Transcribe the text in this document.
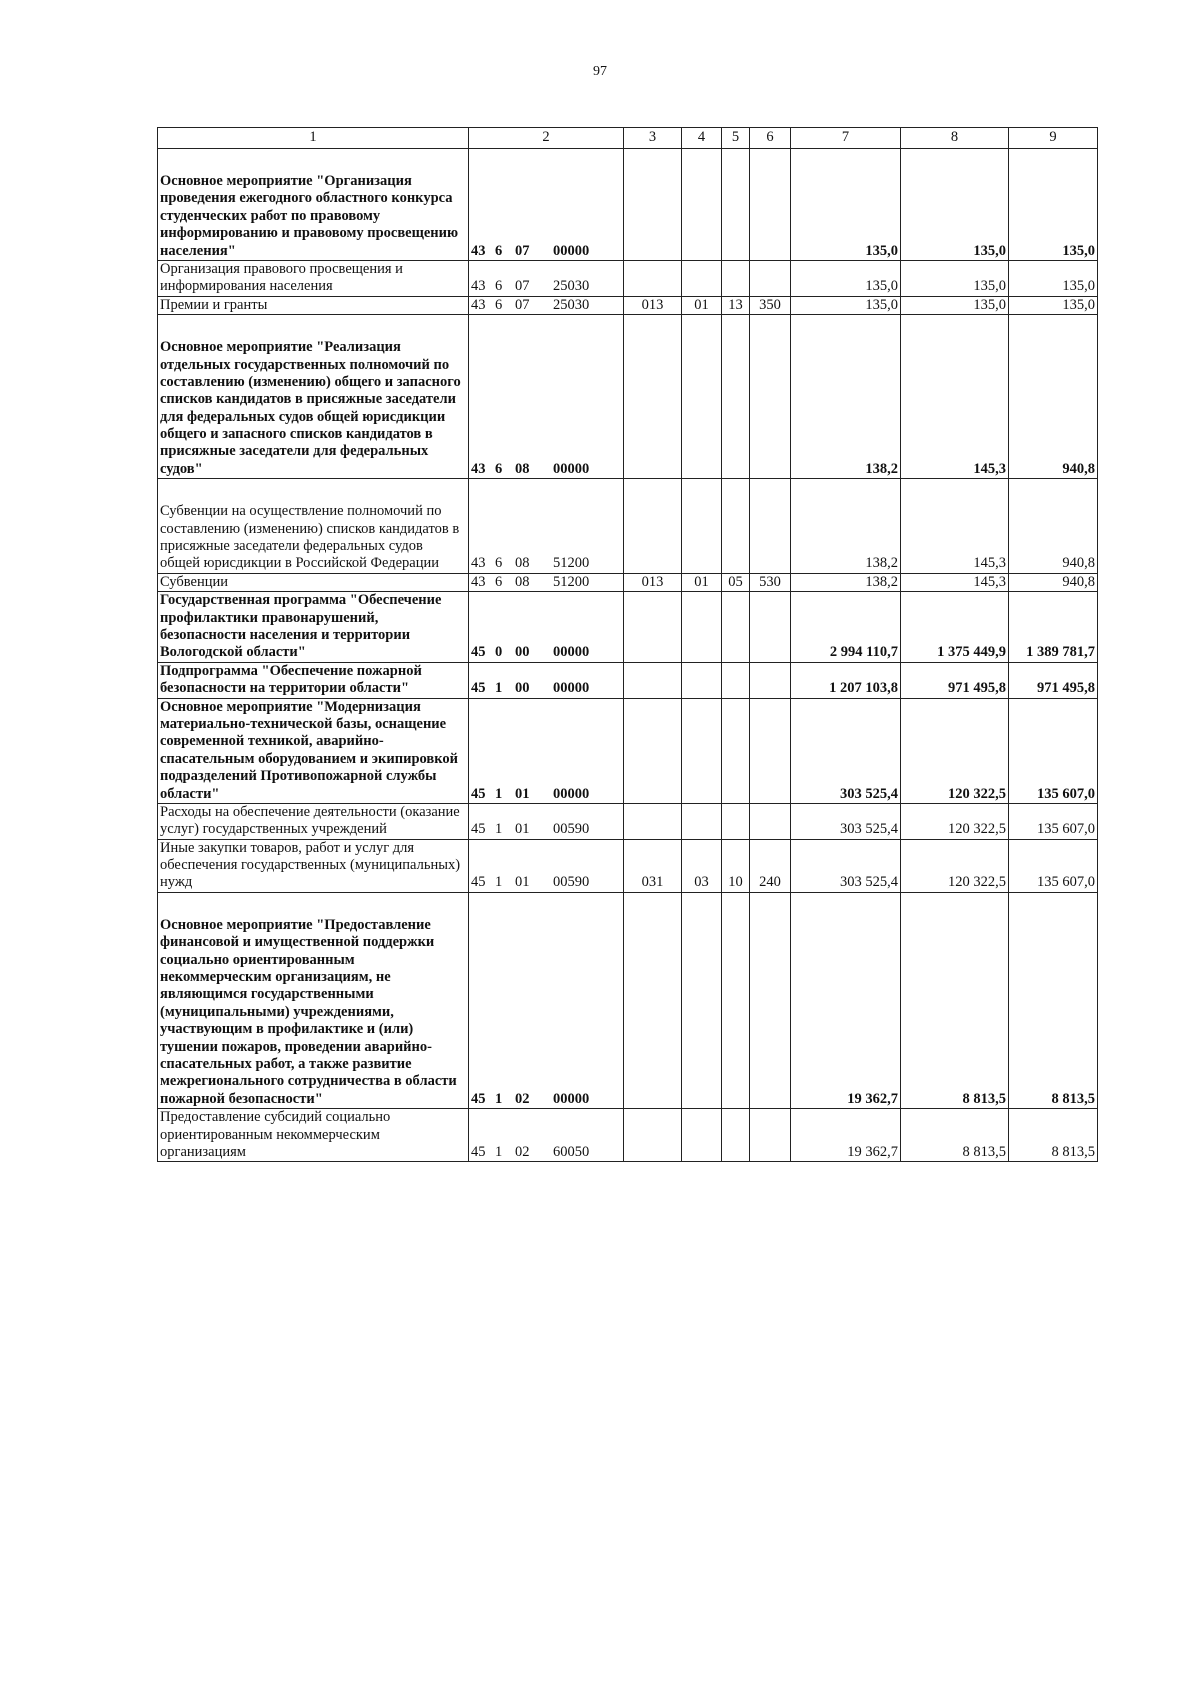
97
1	2	3	4	5	6	7	8	9
Основное мероприятие "Организация проведения ежегодного областного конкурса студенческих работ по правовому информированию и правовому просвещению населения"	43 6 07 00000					135,0	135,0	135,0
Организация правового просвещения и информирования населения	43 6 07 25030					135,0	135,0	135,0
Премии и гранты	43 6 07 25030	013	01	13	350	135,0	135,0	135,0
Основное мероприятие "Реализация отдельных государственных полномочий по составлению (изменению) общего и запасного списков кандидатов в присяжные заседатели для федеральных судов общей юрисдикции общего и запасного списков кандидатов в присяжные заседатели для федеральных судов"	43 6 08 00000					138,2	145,3	940,8
Субвенции на осуществление полномочий по составлению (изменению) списков кандидатов в присяжные заседатели федеральных судов общей юрисдикции в Российской Федерации	43 6 08 51200					138,2	145,3	940,8
Субвенции	43 6 08 51200	013	01	05	530	138,2	145,3	940,8
Государственная программа "Обеспечение профилактики правонарушений, безопасности населения и территории Вологодской области"	45 0 00 00000					2 994 110,7	1 375 449,9	1 389 781,7
Подпрограмма "Обеспечение пожарной безопасности на территории области"	45 1 00 00000					1 207 103,8	971 495,8	971 495,8
Основное мероприятие "Модернизация материально-технической базы, оснащение современной техникой, аварийно-спасательным оборудованием и экипировкой подразделений Противопожарной службы области"	45 1 01 00000					303 525,4	120 322,5	135 607,0
Расходы на обеспечение деятельности (оказание услуг) государственных учреждений	45 1 01 00590					303 525,4	120 322,5	135 607,0
Иные закупки товаров, работ и услуг для обеспечения государственных (муниципальных) нужд	45 1 01 00590	031	03	10	240	303 525,4	120 322,5	135 607,0
Основное мероприятие "Предоставление финансовой и имущественной поддержки социально ориентированным некоммерческим организациям, не являющимся государственными (муниципальными) учреждениями, участвующим в профилактике и (или) тушении пожаров, проведении аварийно-спасательных работ, а также развитие межрегионального сотрудничества в области пожарной безопасности"	45 1 02 00000					19 362,7	8 813,5	8 813,5
Предоставление субсидий социально ориентированным некоммерческим организациям	45 1 02 60050					19 362,7	8 813,5	8 813,5
